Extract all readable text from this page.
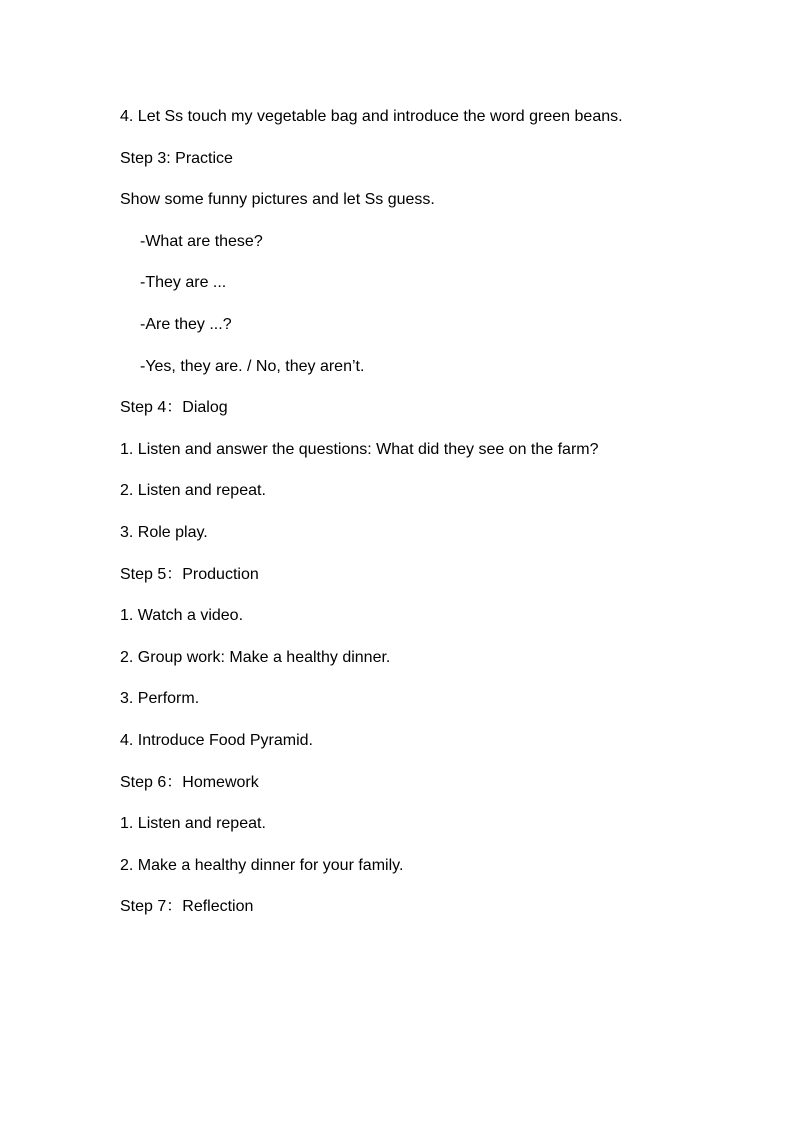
4. Let Ss touch my vegetable bag and introduce the word green beans.
Step 3: Practice
Show some funny pictures and let Ss guess.
-What are these?
-They are ...
-Are they ...?
-Yes, they are. / No, they aren’t.
Step 4：Dialog
1. Listen and answer the questions: What did they see on the farm?
2. Listen and repeat.
3. Role play.
Step 5：Production
1. Watch a video.
2. Group work: Make a healthy dinner.
3. Perform.
4. Introduce Food Pyramid.
Step 6：Homework
1. Listen and repeat.
2. Make a healthy dinner for your family.
Step 7：Reflection
